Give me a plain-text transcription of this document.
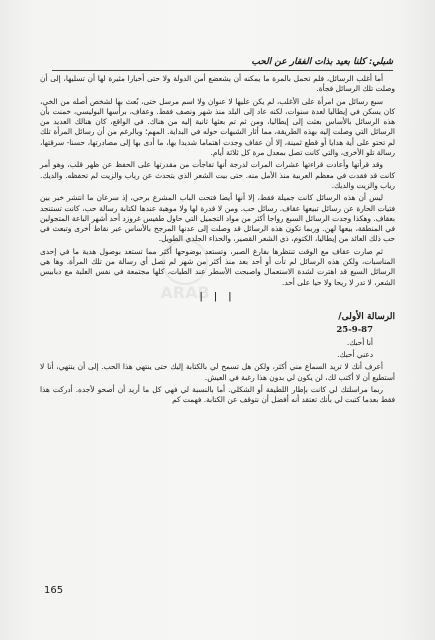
شبلي: كلنا بعيد بذات الفقار عن الحب
ARAB

أما أغلب الرسائل، فلم تحمل بالمرة ما يمكنه أن يشعضع أمن الدولة ولا حتى أخبارا مثيرة لها أن تسليها، إلى أن وصلت تلك الرسائل فجأة.

سبع رسائل من امرأة على الأغلب، لم يكن عليها لا عنوان ولا اسم مرسل حتى، بُعث بها لشخص أصله من الخي، كان يسكن في إيطاليا لعدة سنوات، لكنه عاد إلى البلد منذ شهر ونصف فقط. وعقاف، برأسها البوليسي، خمنت بأن هذه الرسائل بالأساس بعثت إلى إيطاليا، ومن ثم تم بعثها ثانية إليه من هناك. في الواقع، كان هنالك العديد من الرسائل التي وصلت إليه بهذه الطريقة، مما أثار الشبهات حوله في البداية. المهم؛ وبالرغم من أن رسائل المرأة تلك لم تحتو على أية هدايا أو قطع ثمينة، إلا أن عقاف وجدت اهتماما شديدا بها، ما أدى بها إلى مصادرتها، حسنا- سرقتها، رسالة تلو الأخرى، والتي كانت تصل بمعدل مرة كل ثلاثة أيام.

وقد قرأتها وأعادت قراءتها عشرات المرات لدرجة أنها تفاجأت من مقدرتها على الحفظ عن ظهر قلب، وهو أمر كانت قد فقدت في معظم العربية منذ الأمل منه. حتى بيت الشعر الذي يتحدث عن رياب والزيت لم تحفظه. والديك. رياب والزيت والديك.

ليس أن هذه الرسائل كانت جميلة فقط، إلا أنها أيضا فتحت الباب المشرع برحي، إذ سرعان ما انتشر خبر بين فتيات الحارة عن رسائل تبيعها عقاف. رسائل حب. ومن لا قدرة لها ولا موهبة عندها لكتابة رسالة حب، كانت تستنجد بعقاف. وهكذا وجدت الرسائل السبع رواجا أكثر من مواد التجميل التي حاول طفيس غروزد أحد أشهر الباعة المتجولين في المنطقة، بيعها لهن. وربما تكون هذه الرسائل قد وصلت إلى عدنها المرجح بالأساس عبر نقاط أخرى وتبعث في حب ذلك العائد من إيطاليا، الكتوم، ذي الشعر القصير، والحذاء الجلدي الطويل.

ثم صارت عقاف مع الوقت تنتظرها بفارغ الصبر، وتستعد بوضوحها أكثر مما تستعد بوصول هدية ما في إحدى المناسبات، ولكن هذه الرسائل لم تأت أو أحد بعد منذ أكثر من شهر لم تصل أي رسالة من تلك المرأة. وها هي الرسائل السبع قد اهترت لشدة الاستعمال واصبحت الأسطر عند الطيات، كلها مجتمعة في نفس العلبة مع دبابيس الشعر، لا تدر لا ريحا ولا حيا على أحد.

| | |
الرسالة الأولى/
25-9-87
أنا أحبك.
دعني أحبك.

أعرف أنك لا تريد السماع مني أكثر، ولكن هل تسمح لي بالكتابة إليك حتى ينتهي هذا الحب. إلى أن ينتهي، أنا لا أستطيع أن لا أكتب لك، لن يكون لي بدون هذا رغبة في العيش.

ربما مراسلتك لي كانت بإطار اللطيفة أو الشكلي. أما بالنسبة لي فهي كل ما أريد أن أصحو لأجده. أدركت هذا فقط بعدما كتبت لي بأنك تعتقد أنه أفضل أن نتوقف عن الكتابة. فهمت كم

165
